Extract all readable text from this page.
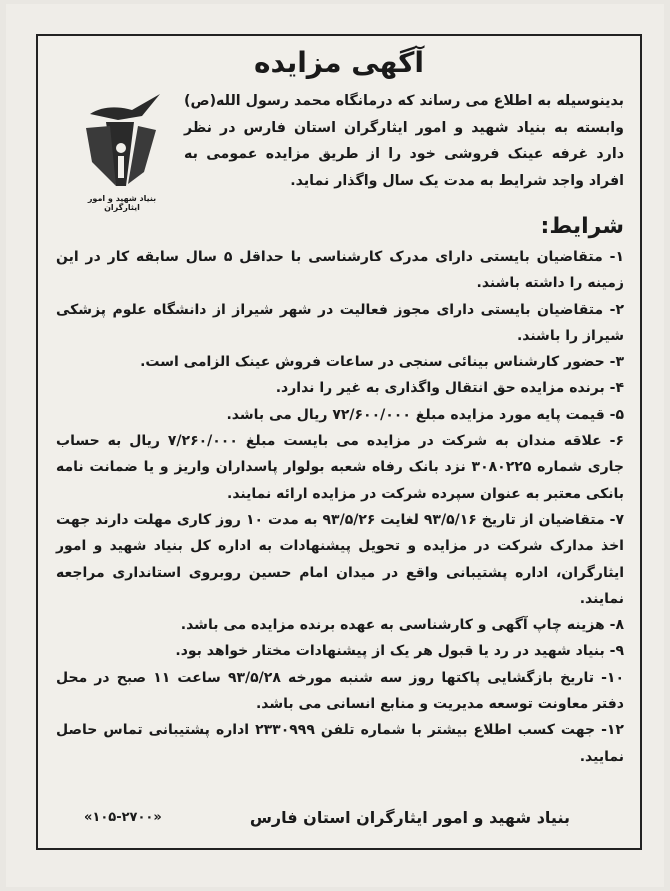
آگهی مزایده
بنیاد شهید و امور ایثارگران
بدینوسیله به اطلاع می رساند که درمانگاه محمد رسول الله(ص) وابسته به بنیاد شهید و امور ایثارگران استان فارس در نظر دارد غرفه عینک فروشی خود را از طریق مزایده عمومی به افراد واجد شرایط به مدت یک سال واگذار نماید.
شرایط:
۱- متقاضیان بایستی دارای مدرک کارشناسی با حداقل ۵ سال سابقه کار در این زمینه را داشته باشند.
۲- متقاضیان بایستی دارای مجوز فعالیت در شهر شیراز از دانشگاه علوم پزشکی شیراز را باشند.
۳- حضور کارشناس بینائی سنجی در ساعات فروش عینک الزامی است.
۴- برنده مزایده حق انتقال واگذاری به غیر را ندارد.
۵- قیمت پایه مورد مزایده مبلغ ۷۲/۶۰۰/۰۰۰ ریال می باشد.
۶- علاقه مندان به شرکت در مزایده می بایست مبلغ ۷/۲۶۰/۰۰۰ ریال به حساب جاری شماره ۳۰۸۰۲۲۵ نزد بانک رفاه شعبه بولوار پاسداران واریز و یا ضمانت نامه بانکی معتبر به عنوان سپرده شرکت در مزایده ارائه نمایند.
۷- متقاضیان از تاریخ ۹۳/۵/۱۶ لغایت ۹۳/۵/۲۶ به مدت ۱۰ روز کاری مهلت دارند جهت اخذ مدارک شرکت در مزایده و تحویل پیشنهادات به اداره کل بنیاد شهید و امور ایثارگران، اداره پشتیبانی واقع در میدان امام حسین روبروی استانداری مراجعه نمایند.
۸- هزینه چاپ آگهی و کارشناسی به عهده برنده مزایده می باشد.
۹- بنیاد شهید در رد یا قبول هر یک از پیشنهادات مختار خواهد بود.
۱۰- تاریخ بازگشایی پاکتها روز سه شنبه مورخه ۹۳/۵/۲۸ ساعت ۱۱ صبح در محل دفتر معاونت توسعه مدیریت و منابع انسانی می باشد.
۱۲- جهت کسب اطلاع بیشتر با شماره تلفن ۲۳۳۰۹۹۹ اداره پشتیبانی تماس حاصل نمایید.
بنیاد شهید و امور ایثارگران استان فارس
«۱۰۵-۲۷۰۰»
